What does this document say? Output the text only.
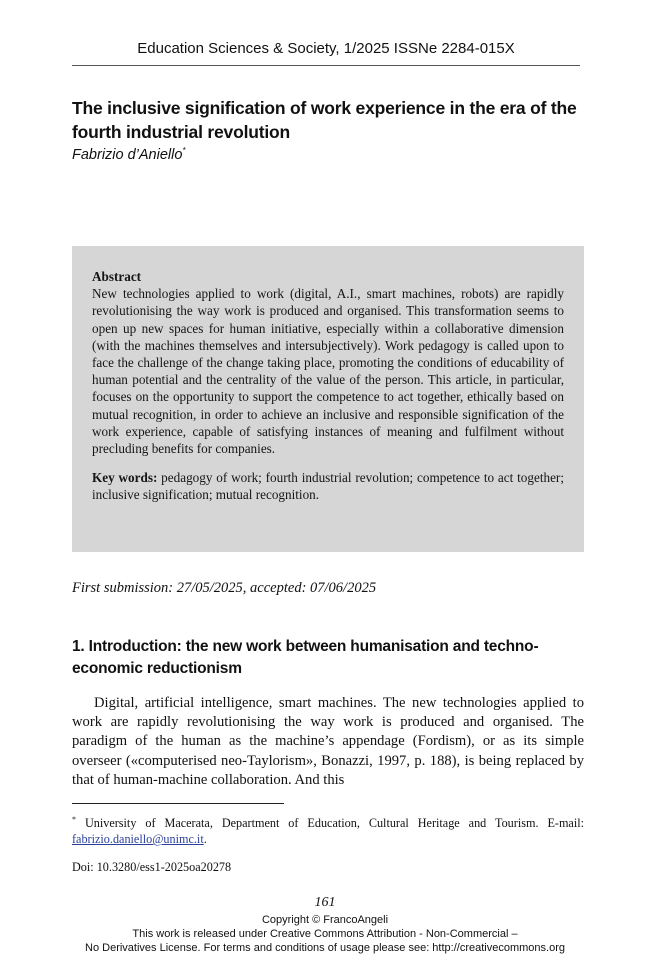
Education Sciences & Society, 1/2025 ISSNe 2284-015X
The inclusive signification of work experience in the era of the fourth industrial revolution
Fabrizio d’Aniello*
Abstract
New technologies applied to work (digital, A.I., smart machines, robots) are rapidly revolutionising the way work is produced and organised. This transformation seems to open up new spaces for human initiative, especially within a collaborative dimension (with the machines themselves and intersubjectively). Work pedagogy is called upon to face the challenge of the change taking place, promoting the conditions of educability of human potential and the centrality of the value of the person. This article, in particular, focuses on the opportunity to support the competence to act together, ethically based on mutual recognition, in order to achieve an inclusive and responsible signification of the work experience, capable of satisfying instances of meaning and fulfilment without precluding benefits for companies.
Key words: pedagogy of work; fourth industrial revolution; competence to act together; inclusive signification; mutual recognition.
First submission: 27/05/2025, accepted: 07/06/2025
1. Introduction: the new work between humanisation and techno-economic reductionism

Digital, artificial intelligence, smart machines. The new technologies applied to work are rapidly revolutionising the way work is produced and organised. The paradigm of the human as the machine’s appendage (Fordism), or as its simple overseer («computerised neo-Taylorism», Bonazzi, 1997, p. 188), is being replaced by that of human-machine collaboration. And this

* University of Macerata, Department of Education, Cultural Heritage and Tourism. E-mail: fabrizio.daniello@unimc.it.
Doi: 10.3280/ess1-2025oa20278
161
Copyright © FrancoAngeli
This work is released under Creative Commons Attribution - Non-Commercial –
No Derivatives License. For terms and conditions of usage please see: http://creativecommons.org
